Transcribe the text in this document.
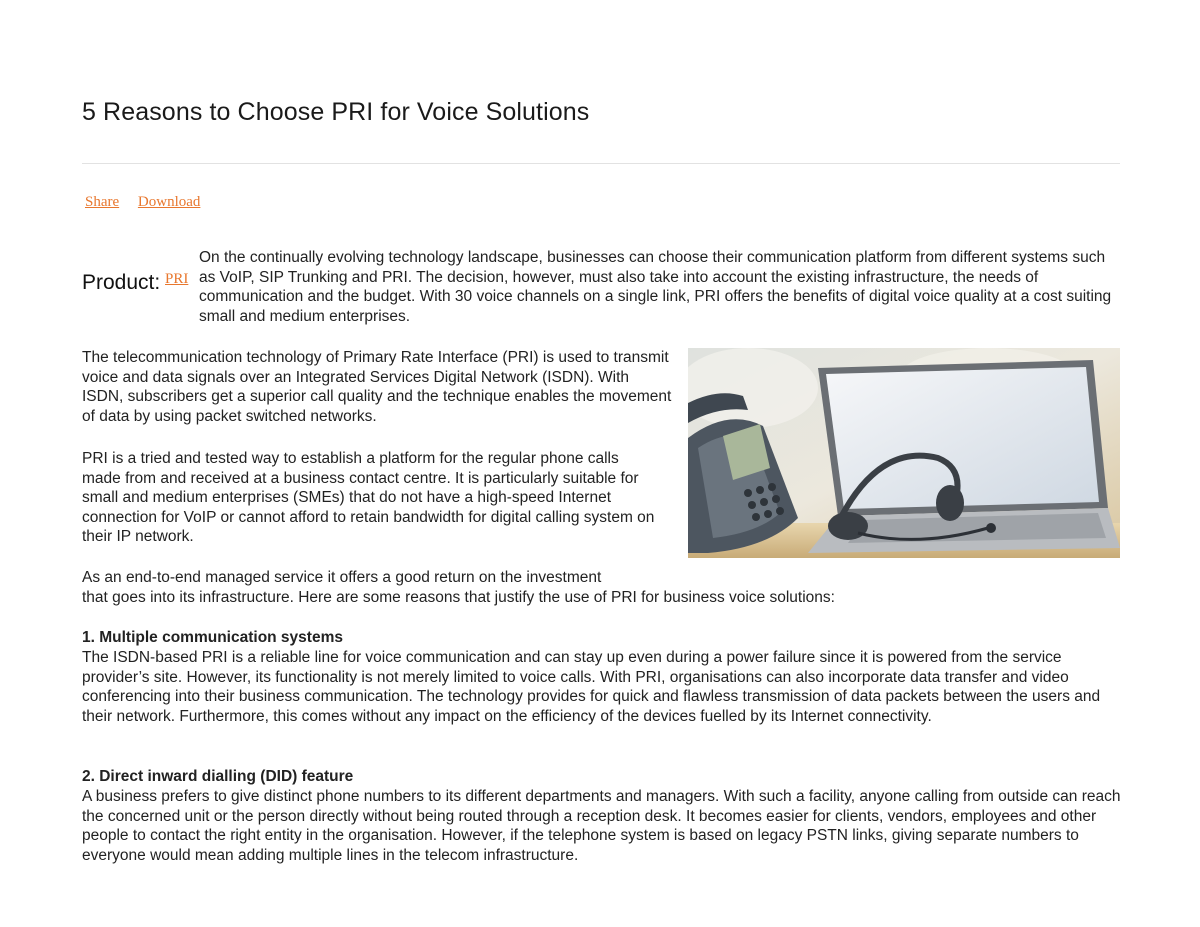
5 Reasons to Choose PRI for Voice Solutions
Share Download
Product: PRI

On the continually evolving technology landscape, businesses can choose their communication platform from different systems such as VoIP, SIP Trunking and PRI. The decision, however, must also take into account the existing infrastructure, the needs of communication and the budget. With 30 voice channels on a single link, PRI offers the benefits of digital voice quality at a cost suiting small and medium enterprises.

The telecommunication technology of Primary Rate Interface (PRI) is used to transmit voice and data signals over an Integrated Services Digital Network (ISDN). With ISDN, subscribers get a superior call quality and the technique enables the movement of data by using packet switched networks.

PRI is a tried and tested way to establish a platform for the regular phone calls made from and received at a business contact centre. It is particularly suitable for small and medium enterprises (SMEs) that do not have a high-speed Internet connection for VoIP or cannot afford to retain bandwidth for digital calling system on their IP network.

As an end-to-end managed service it offers a good return on the investment
that goes into its infrastructure. Here are some reasons that justify the use of PRI for business voice solutions:

1. Multiple communication systems

The ISDN-based PRI is a reliable line for voice communication and can stay up even during a power failure since it is powered from the service provider’s site. However, its functionality is not merely limited to voice calls. With PRI, organisations can also incorporate data transfer and video conferencing into their business communication. The technology provides for quick and flawless transmission of data packets between the users and their network. Furthermore, this comes without any impact on the efficiency of the devices fuelled by its Internet connectivity.

2. Direct inward dialling (DID) feature

A business prefers to give distinct phone numbers to its different departments and managers. With such a facility, anyone calling from outside can reach the concerned unit or the person directly without being routed through a reception desk. It becomes easier for clients, vendors, employees and other people to contact the right entity in the organisation. However, if the telephone system is based on legacy PSTN links, giving separate numbers to everyone would mean adding multiple lines in the telecom infrastructure.
